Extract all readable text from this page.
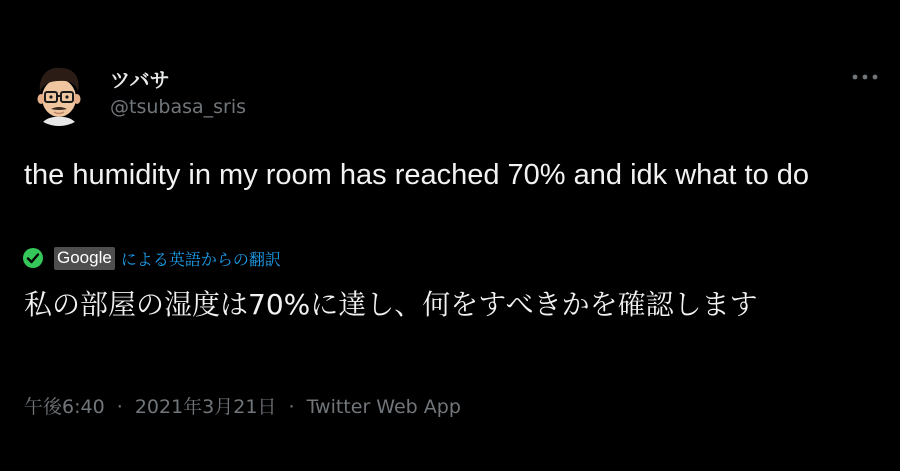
ツバサ
@tsubasa_sris
the humidity in my room has reached 70% and idk what to do
Google による英語からの翻訳
私の部屋の湿度は70%に達し、何をすべきかを確認します
午後6:40 · 2021年3月21日 · Twitter Web App
